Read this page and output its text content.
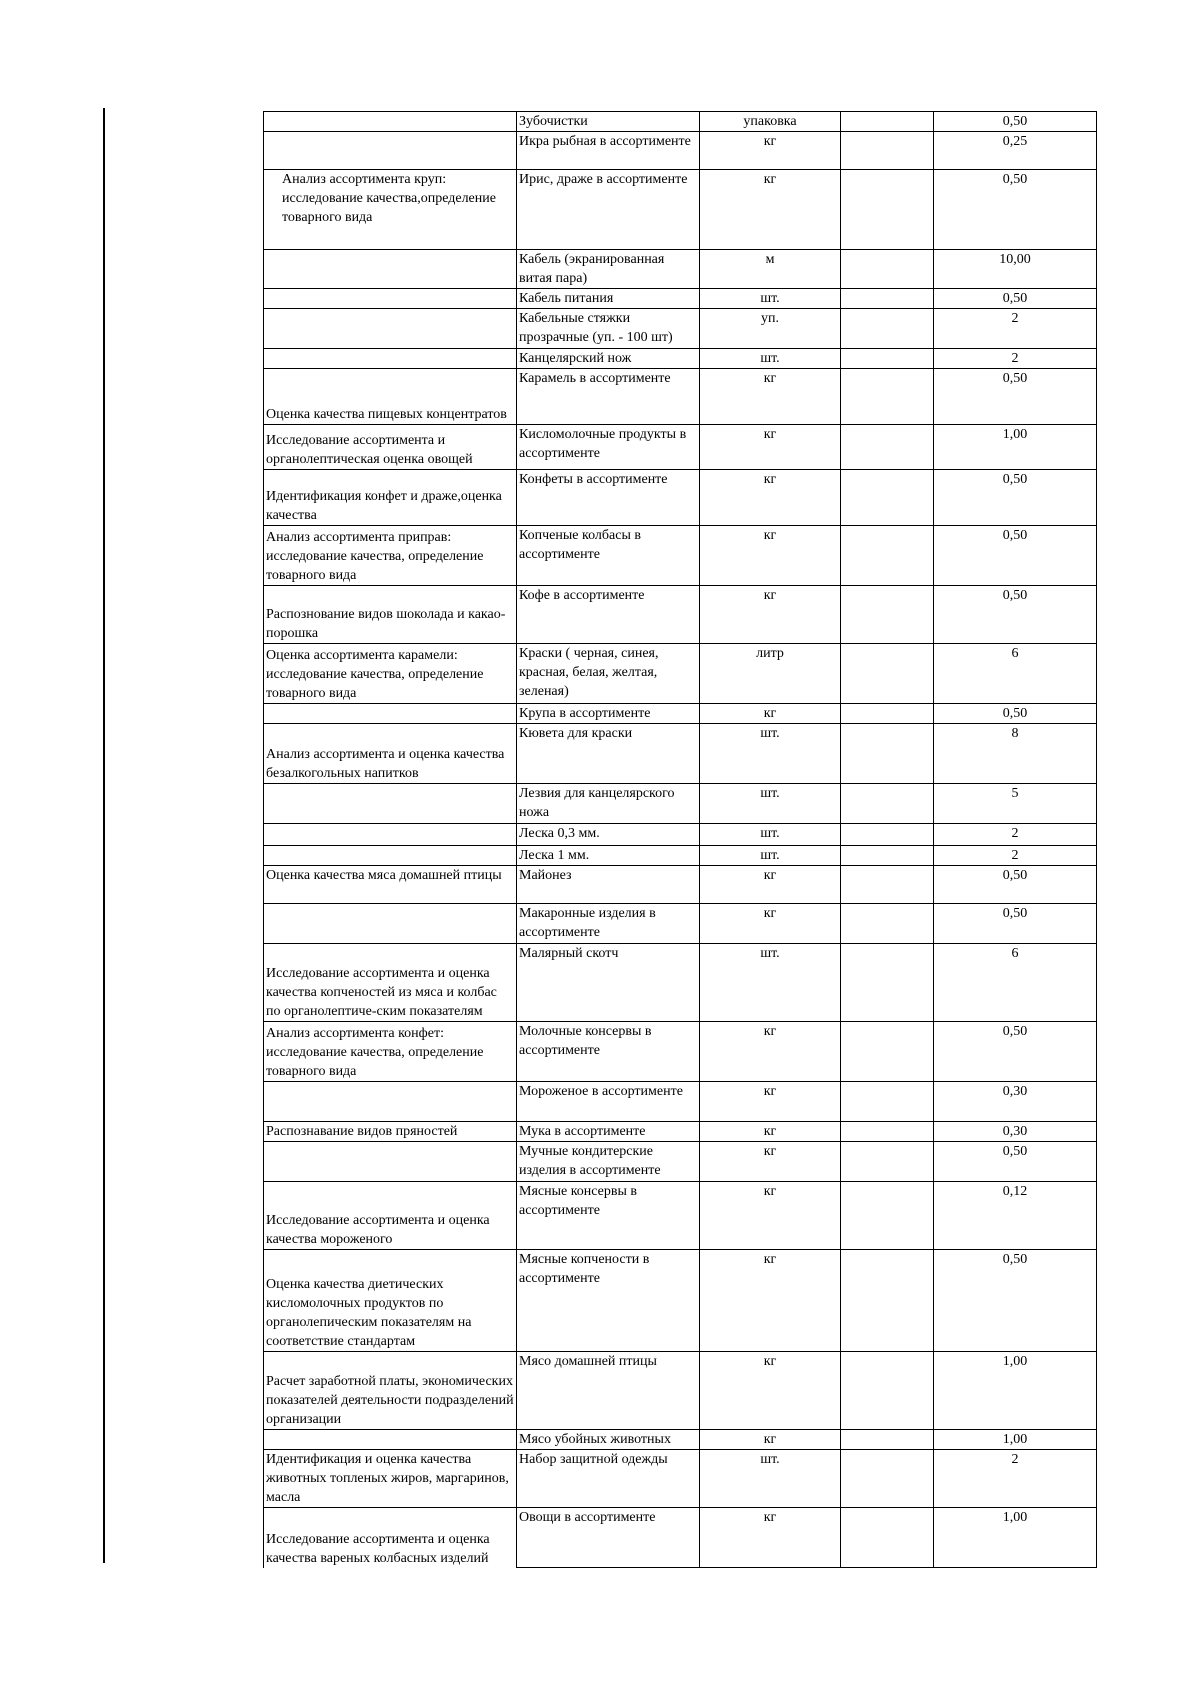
	Зубочистки	упаковка		0,50
	Икра рыбная в ассортименте	кг		0,25
Анализ ассортимента круп: исследование качества,определение товарного вида	Ирис, драже в ассортименте	кг		0,50
	Кабель (экранированная витая пара)	м		10,00
	Кабель питания	шт.		0,50
	Кабельные стяжки прозрачные (уп. - 100 шт)	уп.		2
	Канцелярский нож	шт.		2
Оценка качества пищевых концентратов	Карамель в ассортименте	кг		0,50
Исследование ассортимента и органолептическая оценка овощей	Кисломолочные продукты в ассортименте	кг		1,00
Идентификация конфет и драже,оценка качества	Конфеты в ассортименте	кг		0,50
Анализ ассортимента приправ: исследование качества, определение товарного вида	Копченые колбасы в ассортименте	кг		0,50
Распознование видов шоколада и какао-порошка	Кофе в ассортименте	кг		0,50
Оценка ассортимента карамели: исследование качества, определение товарного вида	Краски ( черная, синея, красная, белая, желтая, зеленая)	литр		6
	Крупа в ассортименте	кг		0,50
Анализ ассортимента и оценка качества безалкогольных напитков	Кювета для краски	шт.		8
	Лезвия для канцелярского ножа	шт.		5
	Леска 0,3 мм.	шт.		2
	Леска 1 мм.	шт.		2
Оценка качества мяса домашней птицы	Майонез	кг		0,50
	Макаронные изделия в ассортименте	кг		0,50
Исследование ассортимента и оценка качества копченостей из мяса и колбас по органолептиче-ским показателям	Малярный скотч	шт.		6
Анализ ассортимента конфет: исследование качества, определение товарного вида	Молочные консервы в ассортименте	кг		0,50
	Мороженое в ассортименте	кг		0,30
Распознавание видов пряностей	Мука в ассортименте	кг		0,30
	Мучные кондитерские изделия в ассортименте	кг		0,50
Исследование ассортимента и оценка качества мороженого	Мясные консервы в ассортименте	кг		0,12
Оценка качества диетических кисломолочных продуктов по органолепическим показателям на соответствие стандартам	Мясные копчености в ассортименте	кг		0,50
Расчет заработной платы, экономических показателей деятельности подразделений организации	Мясо домашней птицы	кг		1,00
	Мясо убойных животных	кг		1,00
Идентификация и оценка качества животных топленых жиров, маргаринов, масла	Набор защитной одежды	шт.		2
Исследование ассортимента и оценка качества вареных колбасных изделий	Овощи в ассортименте	кг		1,00
